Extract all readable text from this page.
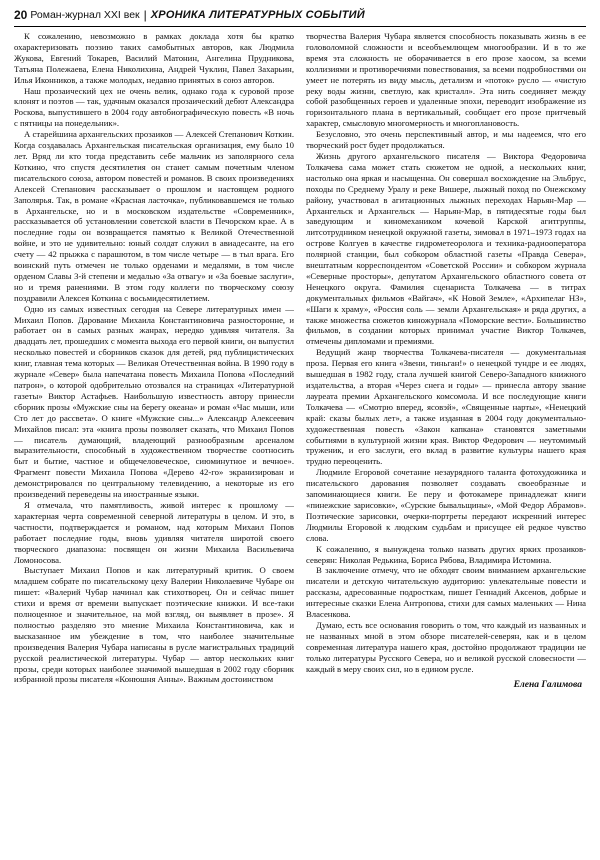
20 Роман-журнал XXI век | ХРОНИКА ЛИТЕРАТУРНЫХ СОБЫТИЙ

К сожалению, невозможно в рамках доклада хотя бы кратко охарактеризовать поэзию таких самобытных авторов, как Людмила Жукова, Евгений Токарев, Василий Матонин, Ангелина Прудникова, Татьяна Полежаева, Елена Николихина, Андрей Чуклин, Павел Захарьин, Илья Иконников, а также молодых, недавно принятых в союз авторов.

Наш прозаический цех не очень велик, однако года к суровой прозе клонят и поэтов — так, удачным оказался прозаический дебют Александра Роскова, выпустившего в 2004 году автобиографическую повесть «В ночь с пятницы на понедельник».

А старейшина архангельских прозаиков — Алексей Степанович Коткин. Когда создавалась Архангельская писательская организация, ему было 10 лет. Вряд ли кто тогда представить себе мальчик из заполярного села Коткино, что спустя десятилетия он станет самым почетным членом писательского союза, автором повестей и романов. В своих произведениях Алексей Степанович рассказывает о прошлом и настоящем родного Заполярья. Так, в романе «Красная ласточка», публиковавшемся не только в Архангельске, но и в московском издательстве «Современник», рассказывается об установлении советской власти в Печорском крае. А в последние годы он возвращается памятью к Великой Отечественной войне, и это не удивительно: юный солдат служил в авиадесанте, на его счету — 42 прыжка с парашютом, в том числе четыре — в тыл врага. Его воинский путь отмечен не только орденами и медалями, в том числе орденом Славы 3-й степени и медалью «За отвагу» и «За боевые заслуги», но и тремя ранениями. В этом году коллеги по творческому союзу поздравили Алексея Коткина с восьмидесятилетием.

Одно из самых известных сегодня на Севере литературных имен — Михаил Попов. Дарование Михаила Константиновича разносторонне, и работает он в самых разных жанрах, нередко удивляя читателя. За двадцать лет, прошедших с момента выхода его первой книги, он выпустил несколько повестей и сборников сказок для детей, ряд публицистических книг, главная тема которых — Великая Отечественная война. В 1990 году в журнале «Север» была напечатана повесть Михаила Попова «Последний патрон», о которой одобрительно отозвался на страницах «Литературной газеты» Виктор Астафьев. Наибольшую известность автору принесли сборник прозы «Мужские сны на берегу океана» и роман «Час мыши, или Сто лет до рассвета». О книге «Мужские сны...» Александр Алексеевич Михайлов писал: эта «книга прозы позволяет сказать, что Михаил Попов — писатель думающий, владеющий разнообразным арсеналом выразительности, способный в художественном творчестве соотносить быт и бытие, частное и общечеловеческое, сиюминутное и вечное». Фрагмент повести Михаила Попова «Дерево 42-го» экранизирован и демонстрировался по центральному телевидению, а некоторые из его произведений переведены на иностранные языки.

Я отмечала, что памятливость, живой интерес к прошлому — характерная черта современной северной литературы в целом. И это, в частности, подтверждается и романом, над которым Михаил Попов работает последние годы, вновь удивляя читателя широтой своего творческого диапазона: посвящен он жизни Михаила Васильевича Ломоносова.

Выступает Михаил Попов и как литературный критик. О своем младшем собрате по писательскому цеху Валерии Николаевиче Чубаре он пишет: «Валерий Чубар начинал как стихотворец. Он и сейчас пишет стихи и время от времени выпускает поэтические книжки. И все-таки полноценное и значительное, на мой взгляд, он выявляет в прозе». Я полностью разделяю это мнение Михаила Константиновича, как и высказанное им убеждение в том, что наиболее значительные произведения Валерия Чубара написаны в русле магистральных традиций русской реалистической литературы. Чубар — автор нескольких книг прозы, среди которых наиболее значимой вышедшая в 2002 году сборник избранной прозы писателя «Конюшня Анны». Важным достоинством

творчества Валерия Чубара является способность показывать жизнь в ее головоломной сложности и всеобъемлющем многообразии. И в то же время эта сложность не оборачивается в его прозе хаосом, за всеми коллизиями и противоречиями повествования, за всеми подробностями он умеет не потерять из виду мысль, детализм и «поток» русло — «чистую реку воды жизни, светлую, как кристалл». Эта нить соединяет между собой разобщенных героев и удаленные эпохи, переводит изображение из горизонтального плана в вертикальный, сообщает его прозе притчевый характер, смысловую многомерность и многоплановость.

Безусловно, это очень перспективный автор, и мы надеемся, что его творческий рост будет продолжаться.

Жизнь другого архангельского писателя — Виктора Федоровича Толкачева сама может стать сюжетом не одной, а нескольких книг, настолько она яркая и насыщенна. Он совершал восхождение на Эльбрус, походы по Среднему Уралу и реке Вишере, лыжный поход по Онежскому району, участвовал в агитационных лыжных переходах Нарьян-Мар — Архангельск и Архангельск — Нарьян-Мар, в пятидесятые годы был заведующим и киномехаником кочевой Карской агитгруппы, литсотрудником ненецкой окружной газеты, зимовал в 1971–1973 годах на острове Колгуев в качестве гидрометеоролога и техника-радиооператора полярной станции, был собкором областной газеты «Правда Севера», внештатным корреспондентом «Советской России» и собкором журнала «Северные просторы», депутатом Архангельского областного совета от Ненецкого округа. Фамилия сценариста Толкачева — в титрах документальных фильмов «Вайгач», «К Новой Земле», «Архипелаг НЗ», «Шаги к храму», «Россия соль — земли Архангельская» и ряда других, а также множества сюжетов киножурнала «Поморские вести». Большинство фильмов, в создании которых принимал участие Виктор Толкачев, отмечены дипломами и премиями.

Ведущий жанр творчества Толкачева-писателя — документальная проза. Первая его книга «Звени, тиньган!» о ненецкой тундре и ее людях, вышедшая в 1982 году, стала лучшей книгой Северо-Западного книжного издательства, а вторая «Через снега и годы» — принесла автору звание лауреата премии Архангельского комсомола. И все последующие книги Толкачева — «Смотрю вперед, ясовэй», «Священные нарты», «Ненецкий край: сказы былых лет», а также изданная в 2004 году документально-художественная повесть «Закон капкана» становятся заметными событиями в культурной жизни края. Виктор Федорович — неутомимый труженик, и его заслуги, его вклад в развитие культуры нашего края трудно переоценить.

Людмиле Егоровой сочетание незаурядного таланта фотохудожника и писательского дарования позволяет создавать своеобразные и запоминающиеся книги. Ее перу и фотокамере принадлежат книги «пинежские зарисовки», «Сурские бывальщины», «Мой Федор Абрамов». Поэтические зарисовки, очерки-портреты передают искренний интерес Людмилы Егоровой к людским судьбам и присущее ей редкое чувство слова.

К сожалению, я вынуждена только назвать других ярких прозаиков-северян: Николая Редькина, Бориса Рябова, Владимира Истомина.

В заключение отмечу, что не обходят своим вниманием архангельские писатели и детскую читательскую аудиторию: увлекательные повести и рассказы, адресованные подросткам, пишет Геннадий Аксенов, добрые и интересные сказки Елена Антропова, стихи для самых маленьких — Нина Власенкова.

Думаю, есть все основания говорить о том, что каждый из названных и не названных мной в этом обзоре писателей-северян, как и в целом современная литература нашего края, достойно продолжают традиции не только литературы Русского Севера, но и великой русской словесности — каждый в меру своих сил, но в едином русле.

Елена Галимова
